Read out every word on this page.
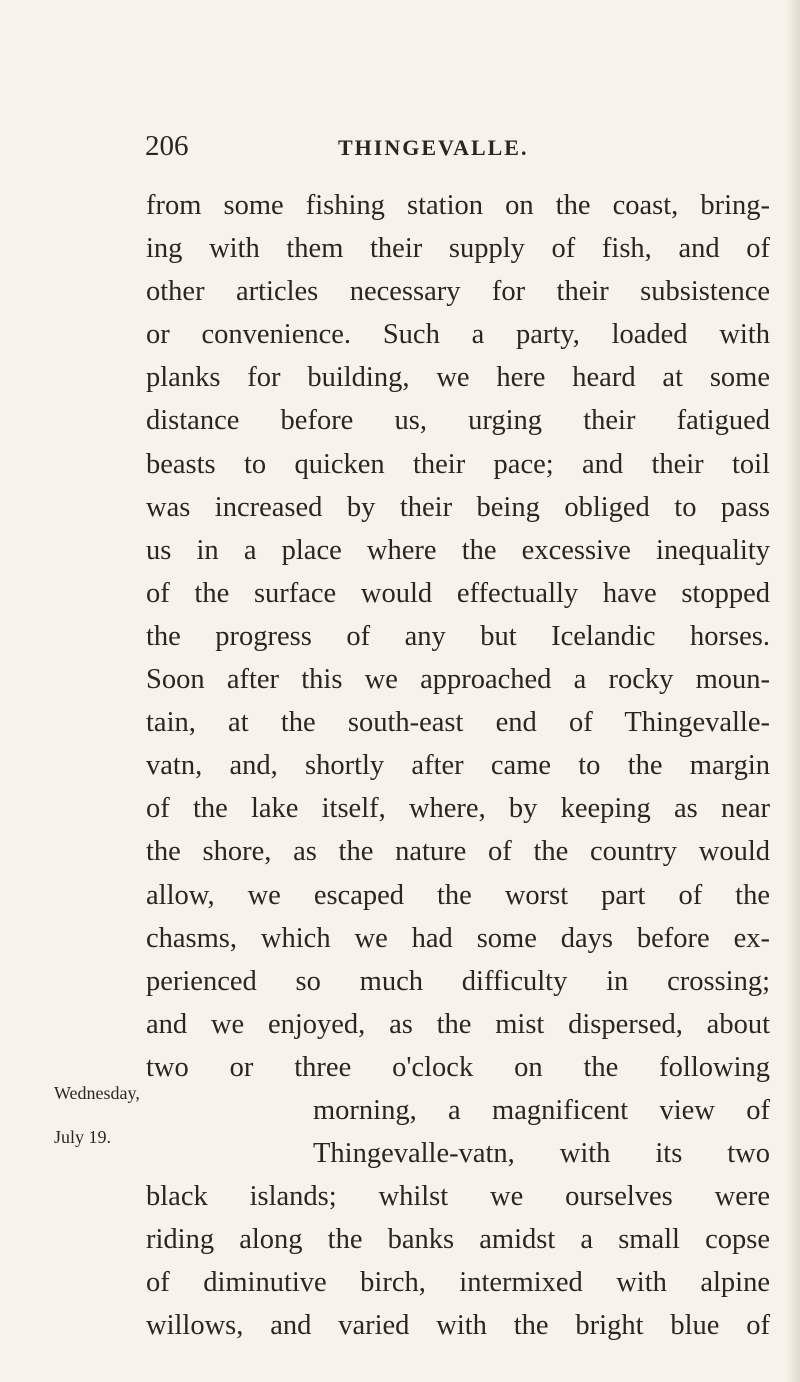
206	THINGEVALLE.
Wednesday,
July 19.
from some fishing station on the coast, bring-
ing with them their supply of fish, and of
other articles necessary for their subsistence
or convenience. Such a party, loaded with
planks for building, we here heard at some
distance before us, urging their fatigued
beasts to quicken their pace; and their toil
was increased by their being obliged to pass
us in a place where the excessive inequality
of the surface would effectually have stopped
the progress of any but Icelandic horses.
Soon after this we approached a rocky moun-
tain, at the south-east end of Thingevalle-
vatn, and, shortly after came to the margin
of the lake itself, where, by keeping as near
the shore, as the nature of the country would
allow, we escaped the worst part of the
chasms, which we had some days before ex-
perienced so much difficulty in crossing;
and we enjoyed, as the mist dispersed, about
two or three o'clock on the following
morning, a magnificent view of
Thingevalle-vatn, with its two
black islands; whilst we ourselves were
riding along the banks amidst a small copse
of diminutive birch, intermixed with alpine
willows, and varied with the bright blue of
